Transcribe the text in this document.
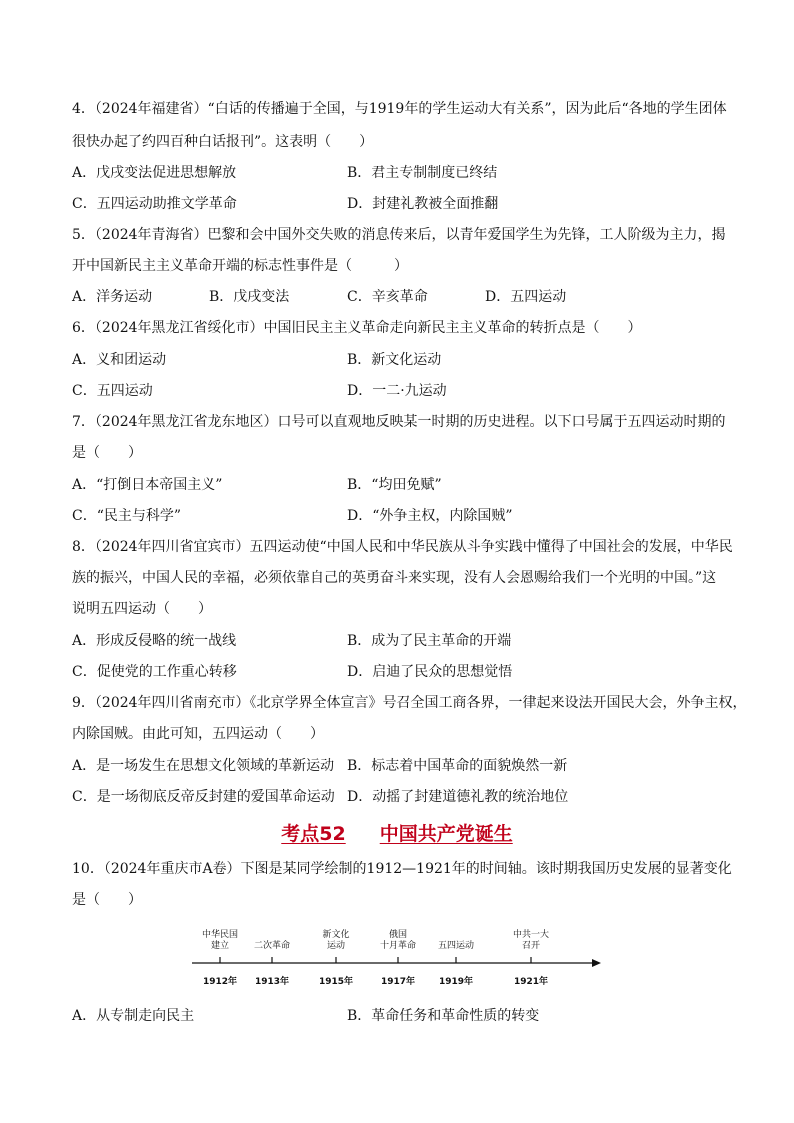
4．（2024年福建省）“白话的传播遍于全国，与1919年的学生运动大有关系”，因为此后“各地的学生团体
很快办起了约四百种白话报刊”。这表明（　　）
A．戊戌变法促进思想解放	B．君主专制制度已终结
C．五四运动助推文学革命	D．封建礼教被全面推翻
5．（2024年青海省）巴黎和会中国外交失败的消息传来后，以青年爱国学生为先锋，工人阶级为主力，揭
开中国新民主主义革命开端的标志性事件是（　　　）
A．洋务运动	B．戊戌变法	C．辛亥革命	D．五四运动
6．（2024年黑龙江省绥化市）中国旧民主主义革命走向新民主主义革命的转折点是（　　）
A．义和团运动	B．新文化运动
C．五四运动	D．一二·九运动
7．（2024年黑龙江省龙东地区）口号可以直观地反映某一时期的历史进程。以下口号属于五四运动时期的
是（　　）
A．“打倒日本帝国主义”	B．“均田免赋”
C．“民主与科学”	D．“外争主权，内除国贼”
8．（2024年四川省宜宾市）五四运动使“中国人民和中华民族从斗争实践中懂得了中国社会的发展，中华民
族的振兴，中国人民的幸福，必须依靠自己的英勇奋斗来实现，没有人会恩赐给我们一个光明的中国。”这
说明五四运动（　　）
A．形成反侵略的统一战线	B．成为了民主革命的开端
C．促使党的工作重心转移	D．启迪了民众的思想觉悟
9．（2024年四川省南充市）《北京学界全体宣言》号召全国工商各界，一律起来设法开国民大会，外争主权，
内除国贼。由此可知，五四运动（　　）
A．是一场发生在思想文化领域的革新运动 B．标志着中国革命的面貌焕然一新
C．是一场彻底反帝反封建的爱国革命运动 D．动摇了封建道德礼教的统治地位
考点52 中国共产党诞生
10．（2024年重庆市A卷）下图是某同学绘制的1912—1921年的时间轴。该时期我国历史发展的显著变化
是（　　）
中华民国
建立
1912年
二次革命
1913年
新文化
运动
1915年
俄国
十月革命
1917年
五四运动
1919年
中共一大
召开
1921年
A．从专制走向民主	B．革命任务和革命性质的转变
